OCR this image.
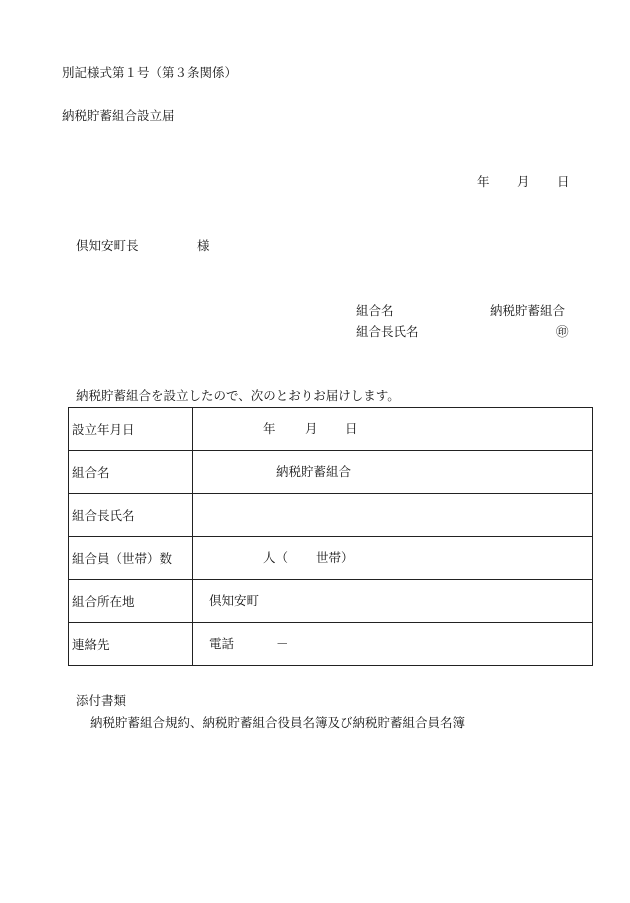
別記様式第１号（第３条関係）
納税貯蓄組合設立届
年 月 日
倶知安町長	様
組合名	納税貯蓄組合
組合長氏名	㊞
納税貯蓄組合を設立したので、次のとおりお届けします。
設立年月日	年 月 日

組合名	納税貯蓄組合

組合長氏名	

組合員（世帯）数	人（ 世帯）

組合所在地	倶知安町

連絡先	電話 －
添付書類
納税貯蓄組合規約、納税貯蓄組合役員名簿及び納税貯蓄組合員名簿
